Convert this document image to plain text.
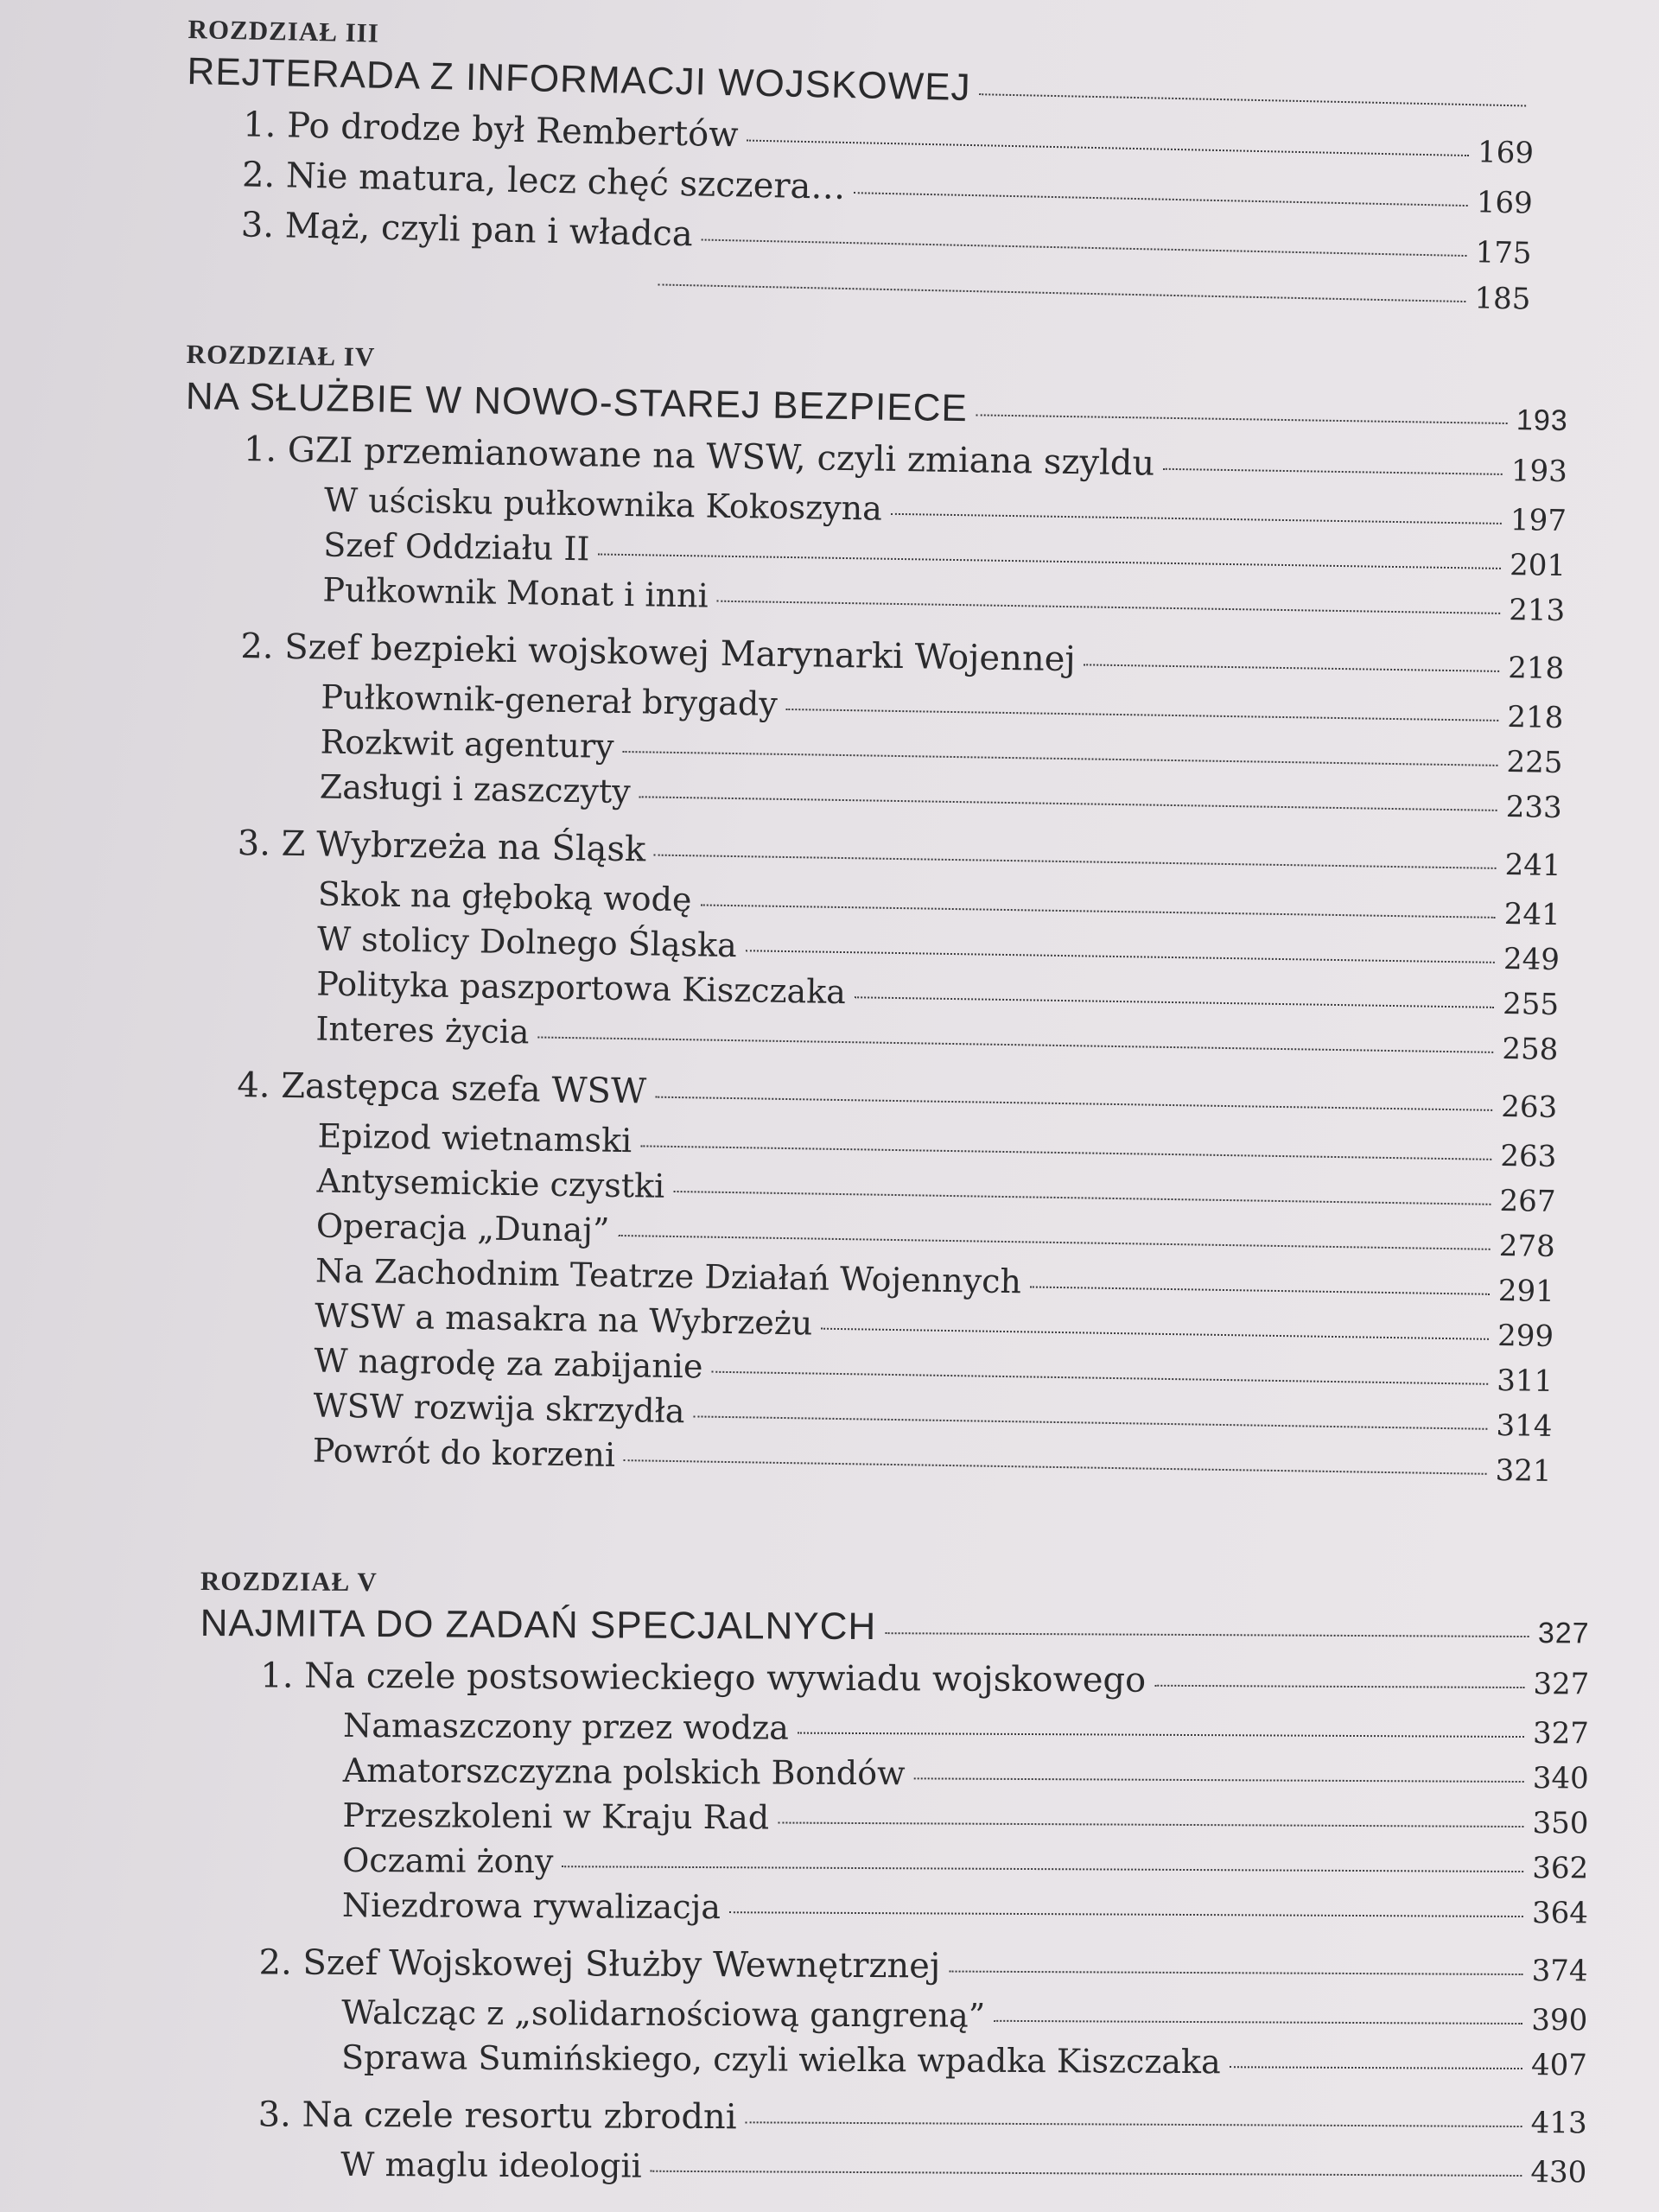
ROZDZIAŁ III
REJTERADA Z INFORMACJI WOJSKOWEJ
1. Po drodze był Rembertów	169
2. Nie matura, lecz chęć szczera…	169
3. Mąż, czyli pan i władca	175
185
ROZDZIAŁ IV
NA SŁUŻBIE W NOWO-STAREJ BEZPIECE	193
1. GZI przemianowane na WSW, czyli zmiana szyldu	193
W uścisku pułkownika Kokoszyna	197
Szef Oddziału II	201
Pułkownik Monat i inni	213
2. Szef bezpieki wojskowej Marynarki Wojennej	218
Pułkownik-generał brygady	218
Rozkwit agentury	225
Zasługi i zaszczyty	233
3. Z Wybrzeża na Śląsk	241
Skok na głęboką wodę	241
W stolicy Dolnego Śląska	249
Polityka paszportowa Kiszczaka	255
Interes życia	258
4. Zastępca szefa WSW	263
Epizod wietnamski	263
Antysemickie czystki	267
Operacja „Dunaj”	278
Na Zachodnim Teatrze Działań Wojennych	291
WSW a masakra na Wybrzeżu	299
W nagrodę za zabijanie	311
WSW rozwija skrzydła	314
Powrót do korzeni	321
ROZDZIAŁ V
NAJMITA DO ZADAŃ SPECJALNYCH	327
1. Na czele postsowieckiego wywiadu wojskowego	327
Namaszczony przez wodza	327
Amatorszczyzna polskich Bondów	340
Przeszkoleni w Kraju Rad	350
Oczami żony	362
Niezdrowa rywalizacja	364
2. Szef Wojskowej Służby Wewnętrznej	374
Walcząc z „solidarnościową gangreną”	390
Sprawa Sumińskiego, czyli wielka wpadka Kiszczaka	407
3. Na czele resortu zbrodni	413
W maglu ideologii	430
